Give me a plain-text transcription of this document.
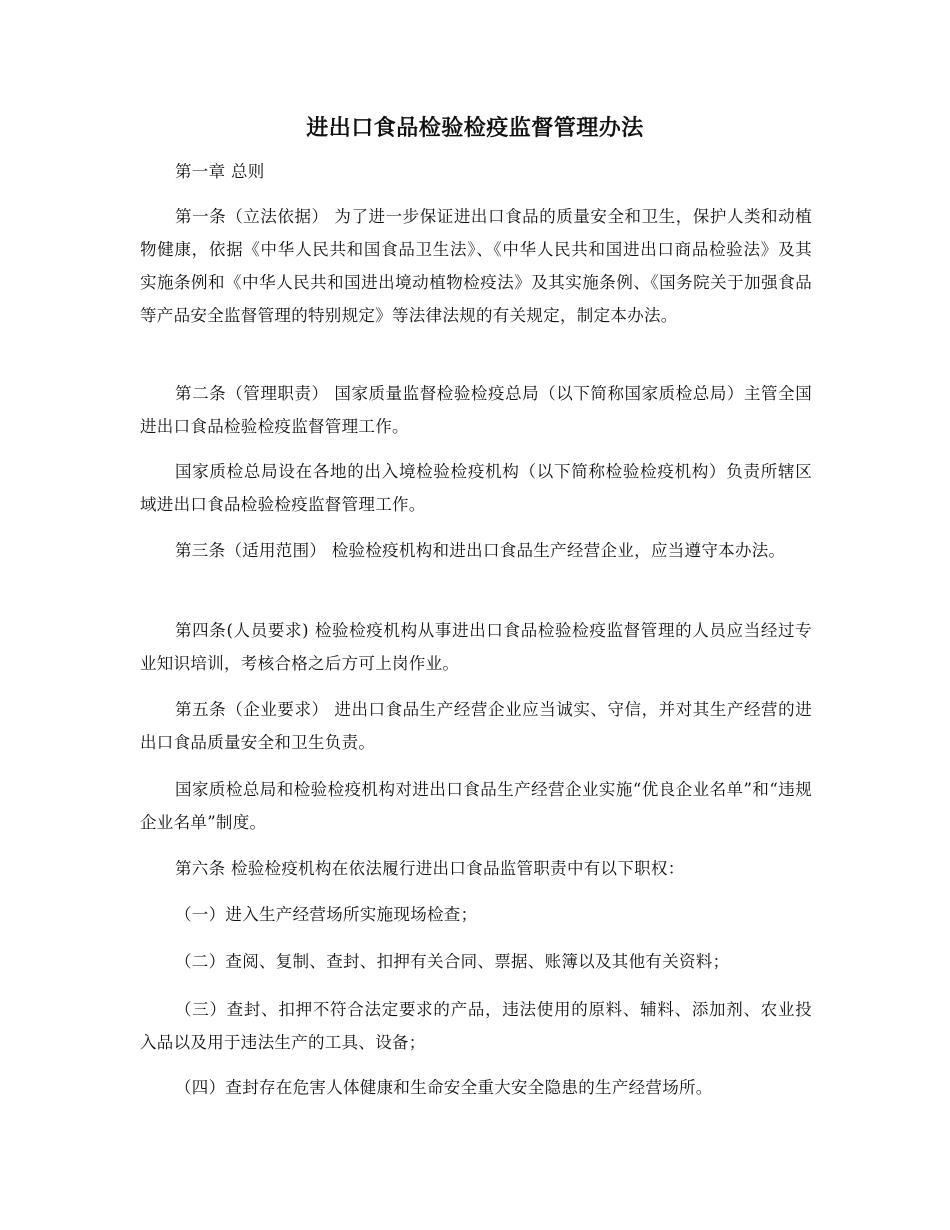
进出口食品检验检疫监督管理办法

第一章 总则

第一条（立法依据） 为了进一步保证进出口食品的质量安全和卫生，保护人类和动植物健康，依据《中华人民共和国食品卫生法》、《中华人民共和国进出口商品检验法》及其实施条例和《中华人民共和国进出境动植物检疫法》及其实施条例、《国务院关于加强食品等产品安全监督管理的特别规定》等法律法规的有关规定，制定本办法。

第二条（管理职责） 国家质量监督检验检疫总局（以下简称国家质检总局）主管全国进出口食品检验检疫监督管理工作。

国家质检总局设在各地的出入境检验检疫机构（以下简称检验检疫机构）负责所辖区域进出口食品检验检疫监督管理工作。

第三条（适用范围） 检验检疫机构和进出口食品生产经营企业，应当遵守本办法。

第四条(人员要求) 检验检疫机构从事进出口食品检验检疫监督管理的人员应当经过专业知识培训，考核合格之后方可上岗作业。

第五条（企业要求） 进出口食品生产经营企业应当诚实、守信，并对其生产经营的进出口食品质量安全和卫生负责。

国家质检总局和检验检疫机构对进出口食品生产经营企业实施“优良企业名单”和“违规企业名单”制度。

第六条 检验检疫机构在依法履行进出口食品监管职责中有以下职权：

（一）进入生产经营场所实施现场检查；

（二）查阅、复制、查封、扣押有关合同、票据、账簿以及其他有关资料；

（三）查封、扣押不符合法定要求的产品，违法使用的原料、辅料、添加剂、农业投入品以及用于违法生产的工具、设备；

（四）查封存在危害人体健康和生命安全重大安全隐患的生产经营场所。
